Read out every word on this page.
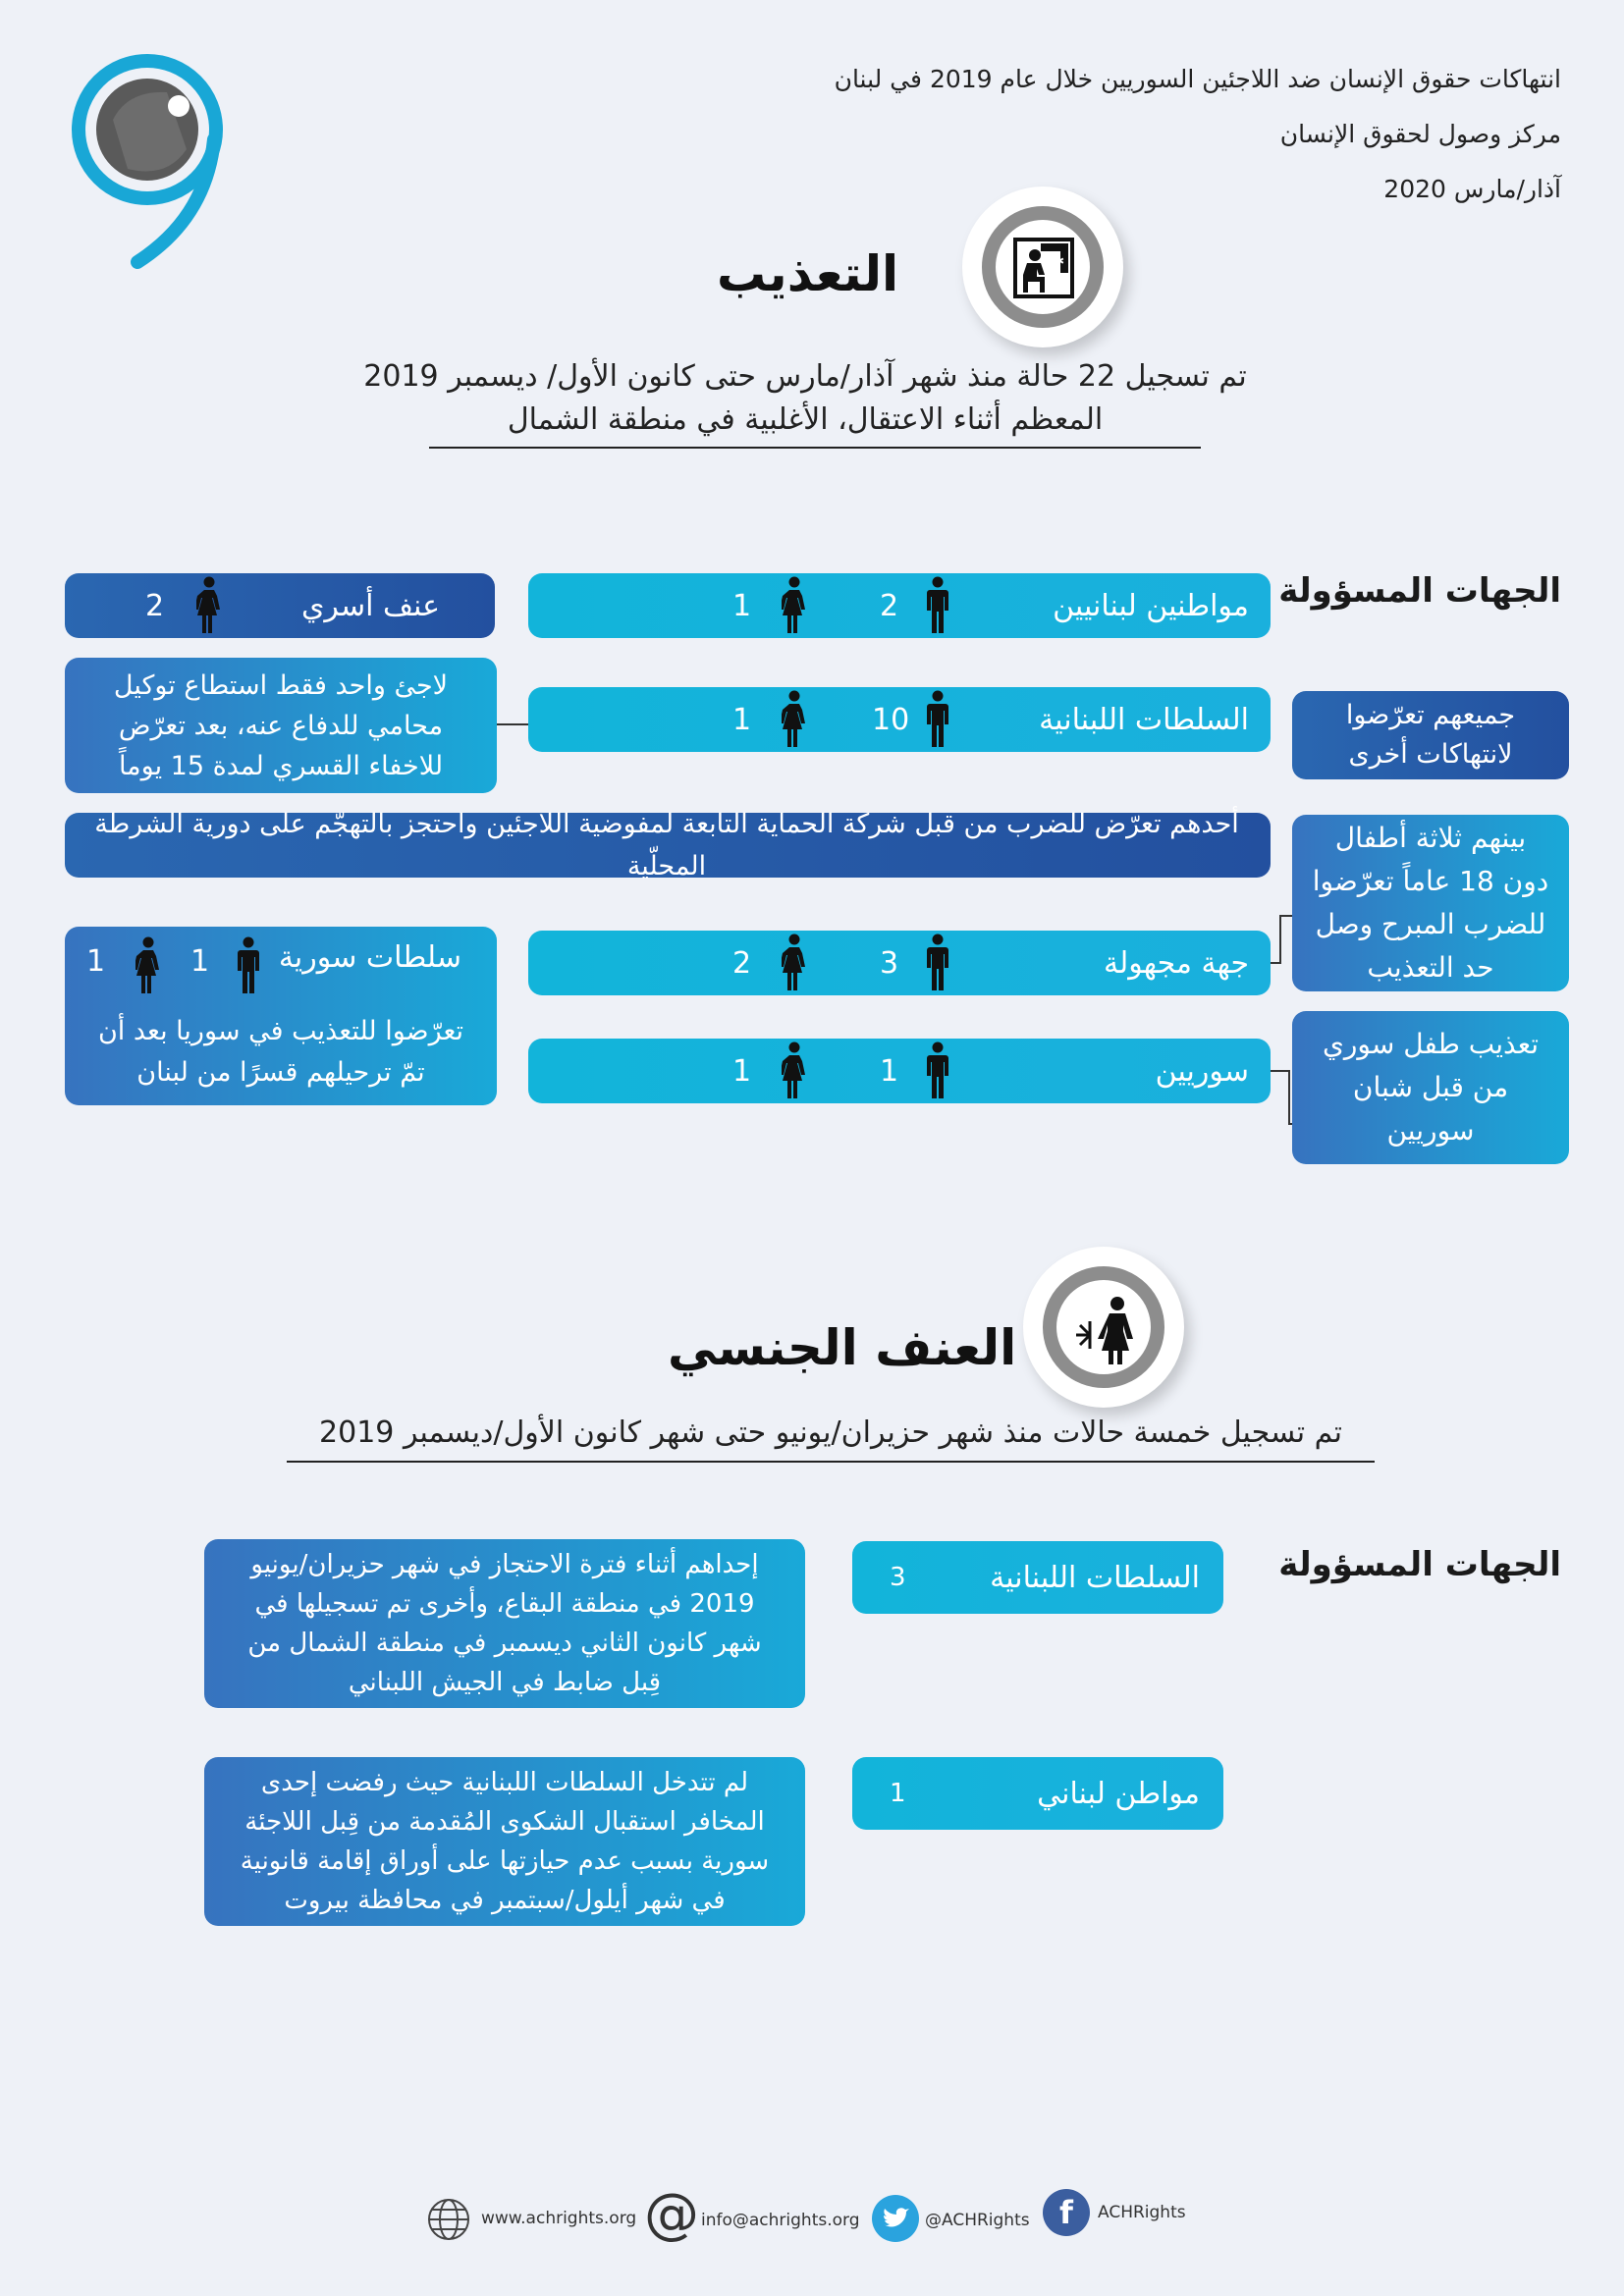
انتهاكات حقوق الإنسان ضد اللاجئين السوريين خلال عام 2019 في لبنان
مركز وصول لحقوق الإنسان
آذار/مارس 2020
✱
التعذيب
تم تسجيل 22 حالة منذ شهر آذار/مارس حتى كانون الأول/ ديسمبر 2019
المعظم أثناء الاعتقال، الأغلبية في منطقة الشمال
الجهات المسؤولة
مواطنين لبنانيين
2
1
عنف أسري
2
السلطات اللبنانية
10
1
لاجئ واحد فقط استطاع توكيل محامي للدفاع عنه، بعد تعرّض للاخفاء القسري لمدة 15 يوماً
جميعهم تعرّضوا لانتهاكات أخرى
أحدهم تعرّض للضرب من قبل شركة الحماية التابعة لمفوضية اللاجئين واحتجز بالتهجّم على دورية الشرطة المحلّية
بينهم ثلاثة أطفال دون 18 عاماً تعرّضوا للضرب المبرح وصل حد التعذيب
سلطات سورية
1
1
تعرّضوا للتعذيب في سوريا بعد أن تمّ ترحيلهم قسرًا من لبنان
جهة مجهولة
3
2
سوريين
1
1
تعذيب طفل سوري من قبل شبان سوريين
العنف الجنسي
تم تسجيل خمسة حالات منذ شهر حزيران/يونيو حتى شهر كانون الأول/ديسمبر 2019
الجهات المسؤولة
السلطات اللبنانية
3
إحداهم أثناء فترة الاحتجاز في شهر حزيران/يونيو 2019 في منطقة البقاع، وأخرى تم تسجيلها في شهر كانون الثاني ديسمبر في منطقة الشمال من قِبل ضابط في الجيش اللبناني
مواطن لبناني
1
لم تتدخل السلطات اللبنانية حيث رفضت إحدى المخافر استقبال الشكوى المُقدمة من قِبل اللاجئة سورية بسبب عدم حيازتها على أوراق إقامة قانونية في شهر أيلول/سبتمبر في محافظة بيروت
www.achrights.org @ info@achrights.org	@ACHRights f	ACHRights
